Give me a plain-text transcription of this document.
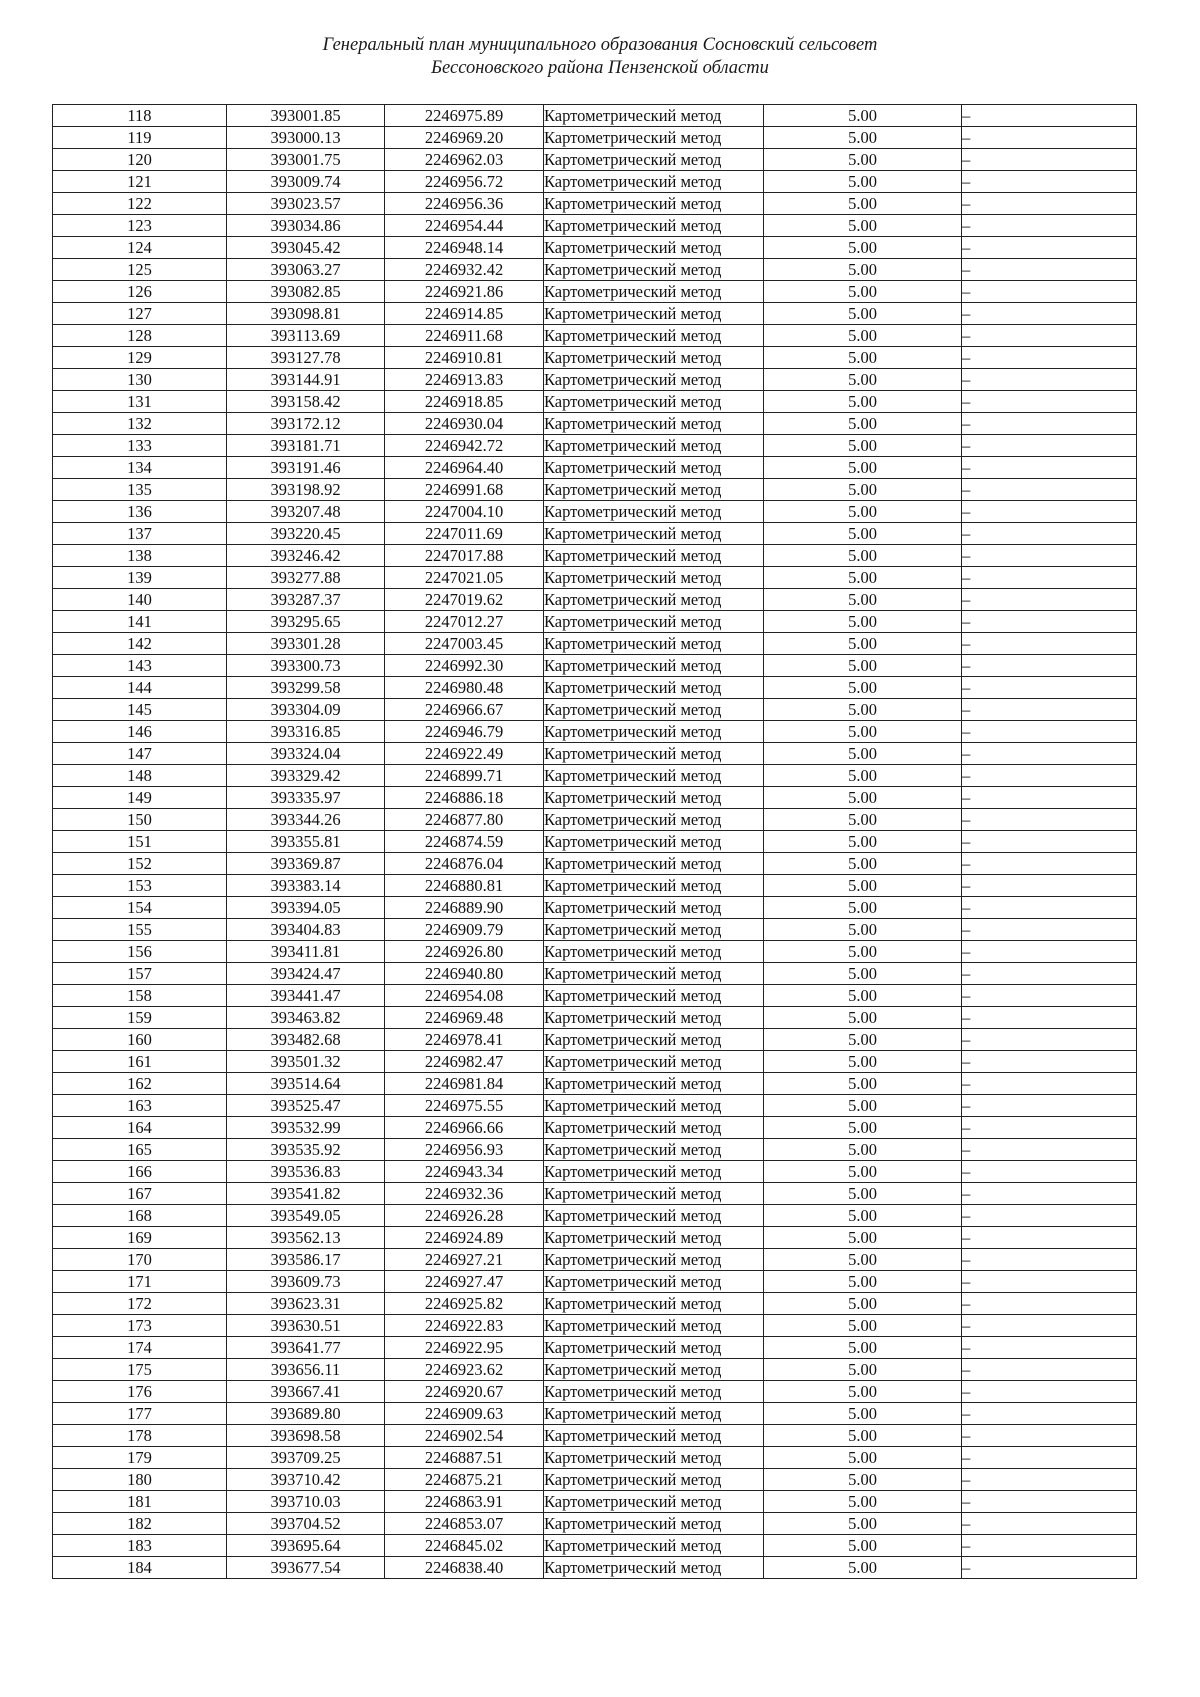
Генеральный план муниципального образования Сосновский сельсовет
Бессоновского района Пензенской области
118	393001.85	2246975.89	Картометрический метод	5.00	–
119	393000.13	2246969.20	Картометрический метод	5.00	–
120	393001.75	2246962.03	Картометрический метод	5.00	–
121	393009.74	2246956.72	Картометрический метод	5.00	–
122	393023.57	2246956.36	Картометрический метод	5.00	–
123	393034.86	2246954.44	Картометрический метод	5.00	–
124	393045.42	2246948.14	Картометрический метод	5.00	–
125	393063.27	2246932.42	Картометрический метод	5.00	–
126	393082.85	2246921.86	Картометрический метод	5.00	–
127	393098.81	2246914.85	Картометрический метод	5.00	–
128	393113.69	2246911.68	Картометрический метод	5.00	–
129	393127.78	2246910.81	Картометрический метод	5.00	–
130	393144.91	2246913.83	Картометрический метод	5.00	–
131	393158.42	2246918.85	Картометрический метод	5.00	–
132	393172.12	2246930.04	Картометрический метод	5.00	–
133	393181.71	2246942.72	Картометрический метод	5.00	–
134	393191.46	2246964.40	Картометрический метод	5.00	–
135	393198.92	2246991.68	Картометрический метод	5.00	–
136	393207.48	2247004.10	Картометрический метод	5.00	–
137	393220.45	2247011.69	Картометрический метод	5.00	–
138	393246.42	2247017.88	Картометрический метод	5.00	–
139	393277.88	2247021.05	Картометрический метод	5.00	–
140	393287.37	2247019.62	Картометрический метод	5.00	–
141	393295.65	2247012.27	Картометрический метод	5.00	–
142	393301.28	2247003.45	Картометрический метод	5.00	–
143	393300.73	2246992.30	Картометрический метод	5.00	–
144	393299.58	2246980.48	Картометрический метод	5.00	–
145	393304.09	2246966.67	Картометрический метод	5.00	–
146	393316.85	2246946.79	Картометрический метод	5.00	–
147	393324.04	2246922.49	Картометрический метод	5.00	–
148	393329.42	2246899.71	Картометрический метод	5.00	–
149	393335.97	2246886.18	Картометрический метод	5.00	–
150	393344.26	2246877.80	Картометрический метод	5.00	–
151	393355.81	2246874.59	Картометрический метод	5.00	–
152	393369.87	2246876.04	Картометрический метод	5.00	–
153	393383.14	2246880.81	Картометрический метод	5.00	–
154	393394.05	2246889.90	Картометрический метод	5.00	–
155	393404.83	2246909.79	Картометрический метод	5.00	–
156	393411.81	2246926.80	Картометрический метод	5.00	–
157	393424.47	2246940.80	Картометрический метод	5.00	–
158	393441.47	2246954.08	Картометрический метод	5.00	–
159	393463.82	2246969.48	Картометрический метод	5.00	–
160	393482.68	2246978.41	Картометрический метод	5.00	–
161	393501.32	2246982.47	Картометрический метод	5.00	–
162	393514.64	2246981.84	Картометрический метод	5.00	–
163	393525.47	2246975.55	Картометрический метод	5.00	–
164	393532.99	2246966.66	Картометрический метод	5.00	–
165	393535.92	2246956.93	Картометрический метод	5.00	–
166	393536.83	2246943.34	Картометрический метод	5.00	–
167	393541.82	2246932.36	Картометрический метод	5.00	–
168	393549.05	2246926.28	Картометрический метод	5.00	–
169	393562.13	2246924.89	Картометрический метод	5.00	–
170	393586.17	2246927.21	Картометрический метод	5.00	–
171	393609.73	2246927.47	Картометрический метод	5.00	–
172	393623.31	2246925.82	Картометрический метод	5.00	–
173	393630.51	2246922.83	Картометрический метод	5.00	–
174	393641.77	2246922.95	Картометрический метод	5.00	–
175	393656.11	2246923.62	Картометрический метод	5.00	–
176	393667.41	2246920.67	Картометрический метод	5.00	–
177	393689.80	2246909.63	Картометрический метод	5.00	–
178	393698.58	2246902.54	Картометрический метод	5.00	–
179	393709.25	2246887.51	Картометрический метод	5.00	–
180	393710.42	2246875.21	Картометрический метод	5.00	–
181	393710.03	2246863.91	Картометрический метод	5.00	–
182	393704.52	2246853.07	Картометрический метод	5.00	–
183	393695.64	2246845.02	Картометрический метод	5.00	–
184	393677.54	2246838.40	Картометрический метод	5.00	–
